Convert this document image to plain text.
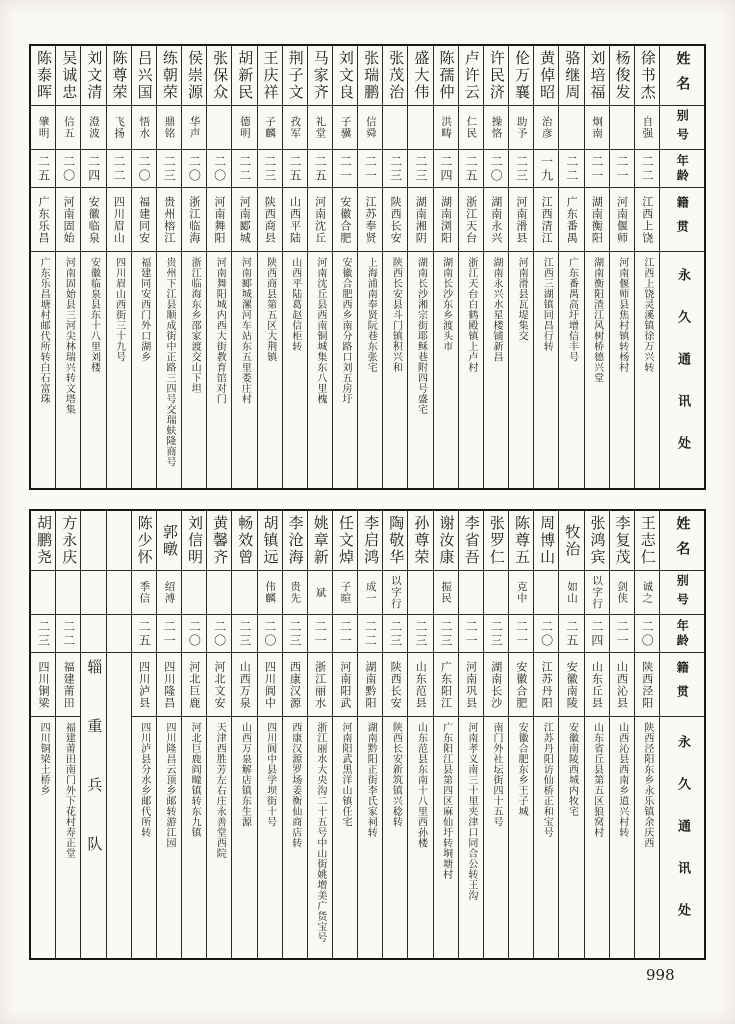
姓名
别号
年龄
籍贯
永久通讯处
徐书杰
自强
二二
江西上饶
江西上饶灵溪镇徐万兴转
杨俊发
二一
河南偃师
河南偃师县焦村镇转杨村
刘培福
炯南
二一
湖南衡阳
湖南衡阳渣江风树桥德兴堂
骆继周
二二
广东番禺
广东番禺高圩增信丰号
黄倬昭
治彦
一九
江西清江
江西三湖镇同昌行转
伦万襄
助予
二三
河南滑县
河南滑县瓦堤集交
许民济
操恪
二〇
湖南永兴
湖南永兴水星楼铺新昌
卢许云
仁民
二五
浙江天台
浙江天台白鹤殿镇上卢村
陈孺仲
洪畴
二四
湖南浏阳
湖南长沙东乡渡头市
盛大伟
二三
湖南湘阴
湖南长沙湘宗街耶稣巷附四号盛宅
张茂治
二三
陕西长安
陕西长安县斗门镇积兴和
张瑞鹏
信舜
二一
江苏奉贤
上海浦南奉贤阮巷东张宅
刘文良
子骥
二一
安徽合肥
安徽合肥西乡南分路口刘五房圩
马家齐
礼堂
二五
河南沈丘
河南沈丘县西南铜城集东八里槐
荆子文
孜军
二五
山西平陆
山西平陆葛赵信柜转
王庆祥
子麟
二三
陕西商县
陕西商县第五区大荆镇
胡新民
德明
二二
河南郾城
河南郾城漯河车站东五里娄庄村
张保众
二〇
河南舞阳
河南舞阳城内西大街教育馆对门
侯崇源
华声
二〇
浙江临海
浙江临海东乡邵家渡交山下坦
练朝荣
鼎铭
二三
贵州榕江
贵州下江县顺成街中正路三四号交瑞蚨隆商号
吕兴国
悟水
二〇
福建同安
福建同安西门外口湖乡
陈尊荣
飞扬
二二
四川眉山
四川眉山西街三十九号
刘文清
澄波
二四
安徽临泉
安徽临泉县东十八里刘楼
吴诚忠
信五
二〇
河南固始
河南固始县三河尖林瑞兴转文塔集
陈泰晖
肇明
二五
广东乐昌
广东乐昌塘村邮代所转白石富珠
姓名
别号
年龄
籍贯
永久通讯处
王志仁
诚之
二〇
陕西泾阳
陕西泾阳东乡永乐镇余庆西
李复茂
剑侠
二一
山西沁县
山西沁县西南乡道兴村转
张鸿宾
以字行
二四
山东丘县
山东省丘县第五区狼窝村
牧治
如山
二五
安徽南陵
安徽南陵西城内牧宅
周博山
二〇
江苏丹阳
江苏丹阳访仙桥正和宝号
陈尊五
克中
二一
安徽合肥
安徽合肥东乡王子城
张罗仁
二三
湖南长沙
南门外社坛街四十五号
李省吾
二一
河南巩县
河南孝义南三十里夹津口同合公转王沟
谢汝康
振民
二三
广东阳江
广东阳江县第四区麻仙圩转垌塘村
孙尊荣
二三
山东范县
山东范县东南十八里西孙楼
陶敬华
以字行
二三
陕西长安
陕西长安新筑镇兴稔转
李启鸿
成一
二二
湖南黔阳
湖南黔阳正街李氏家祠转
任文焯
子暄
二一
河南阳武
河南阳武黑洋山镇任宅
姚章新
斌
二一
浙江丽水
浙江丽水大央沟二十五号中山街姚增美广货宝号
李沧海
贵先
二三
西康汉源
西康汉源罗场姜衡仙商店转
胡镇远
伟麟
二〇
四川阆中
四川阆中县学坝街十号
畅效曾
二三
山西万泉
山西万泉解店镇东生源
黄馨齐
二〇
河北文安
天津西胜芳左右庄永善堂西院
刘信明
二〇
河北巨鹿
河北巨鹿阎疃镇转东九镇
郭暾
绍溥
二一
四川隆昌
四川隆昌云顶乡邮转游江园
陈少怀
季信
二五
四川泸县
四川泸县分水乡邮代所转
辎重兵队
方永庆
二二
福建莆田
福建莆田南门外下花村寿正堂
胡鹏尧
二三
四川铜梁
四川铜梁土桥乡
998
